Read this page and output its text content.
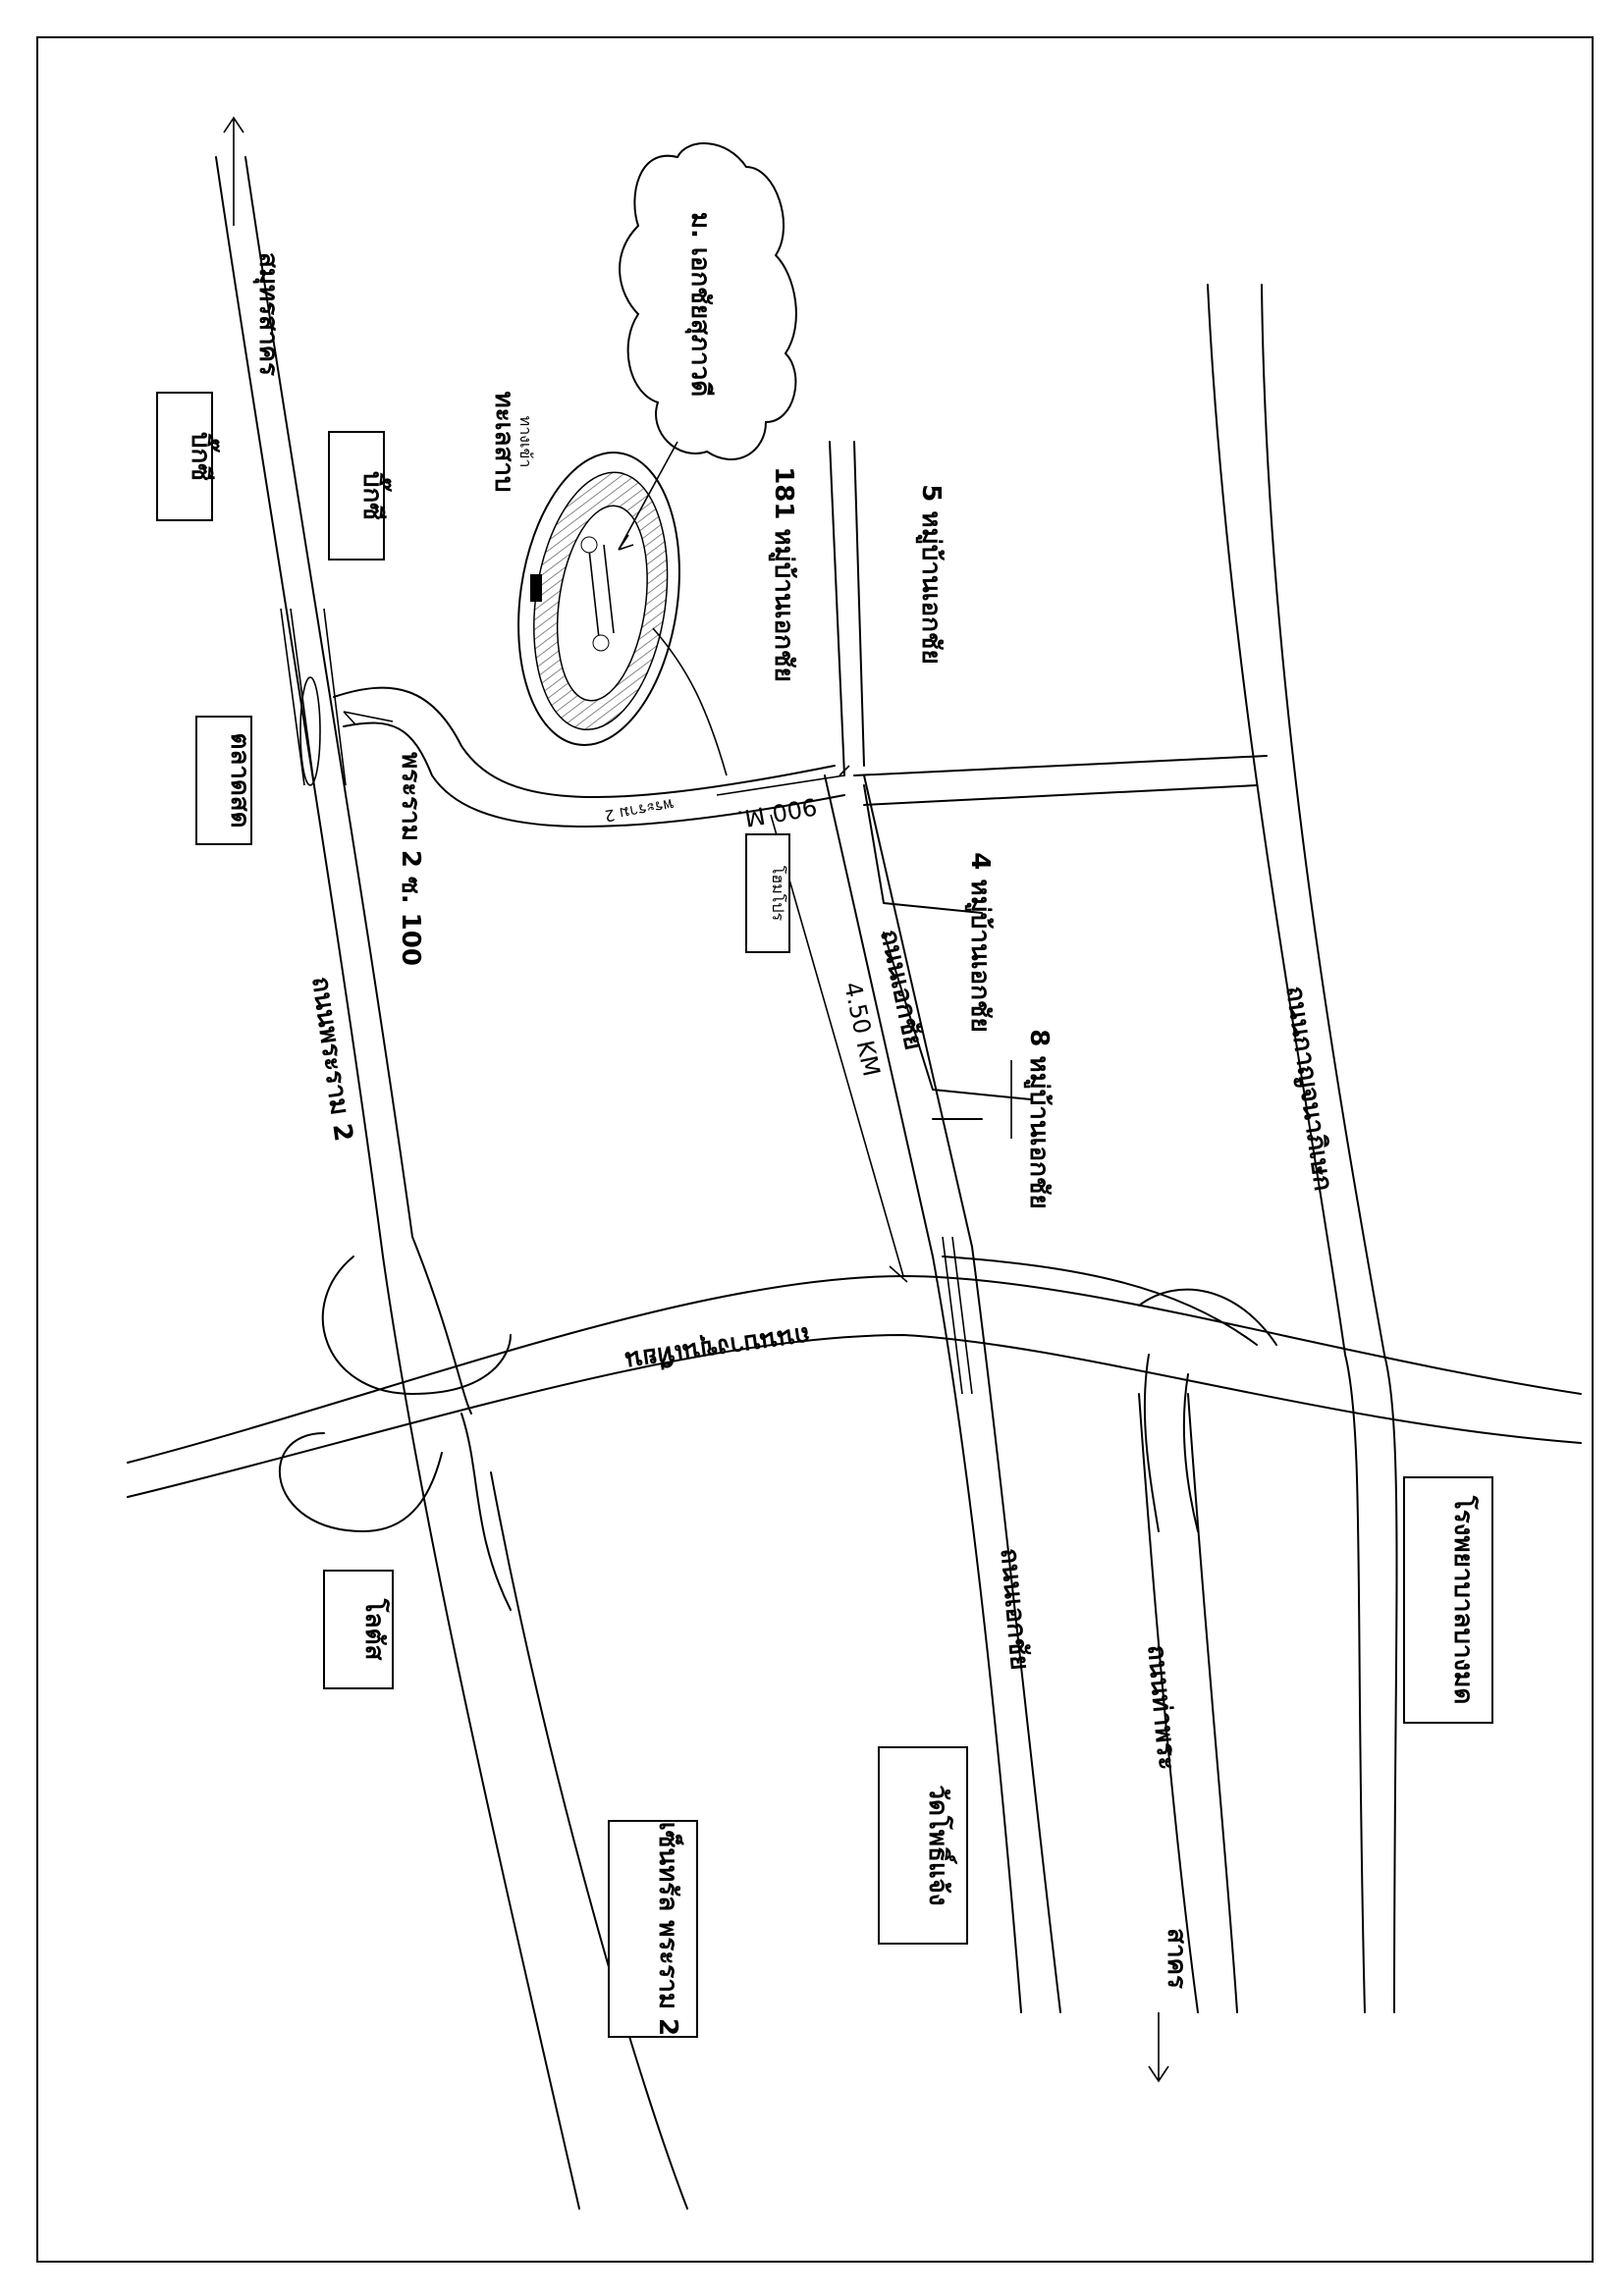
บิ๊กซี
บิ๊กซี
ตลาดสด
โลตัส
เซ็นทรัล พระราม 2	วัดโพธิ์แจ้ง
โรงพยาบาลบางมด
โฮมโปร
สมุทรสาคร
พระราม 2 ซ. 100	พระราม 2
ถนนพระราม 2
ถนนบางขุนเทียน
ถนนเอกชัย
ถนนเอกชัย
ถนนกาญจนาภิเษก
ถนนท่าพระ
สาคร
181 หมู่บ้านเอกชัย	5 หมู่บ้านเอกชัย
4 หมู่บ้านเอกชัย
8 หมู่บ้านเอกชัย
900 M.
4.50 KM
ทะเลสาบ
ทางเข้า
ม. เอกชัยสุภาวดี
